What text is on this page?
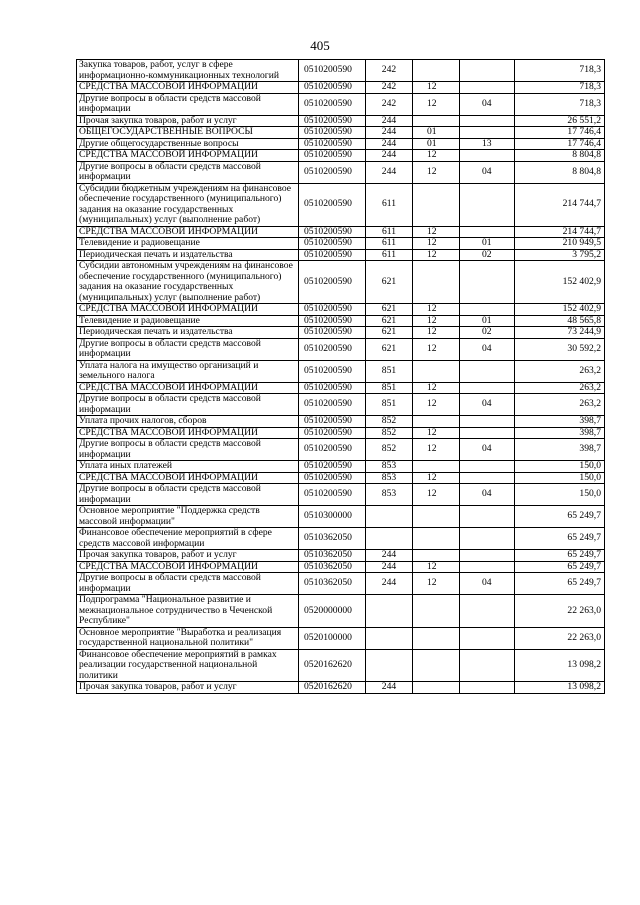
405
Закупка товаров, работ, услуг в сфере информационно-коммуникационных технологий	0510200590	242			718,3
СРЕДСТВА МАССОВОЙ ИНФОРМАЦИИ	0510200590	242	12		718,3
Другие вопросы в области средств массовой информации	0510200590	242	12	04	718,3
Прочая закупка товаров, работ и услуг	0510200590	244			26 551,2
ОБЩЕГОСУДАРСТВЕННЫЕ ВОПРОСЫ	0510200590	244	01		17 746,4
Другие общегосударственные вопросы	0510200590	244	01	13	17 746,4
СРЕДСТВА МАССОВОЙ ИНФОРМАЦИИ	0510200590	244	12		8 804,8
Другие вопросы в области средств массовой информации	0510200590	244	12	04	8 804,8
Субсидии бюджетным учреждениям на финансовое обеспечение государственного (муниципального) задания на оказание государственных (муниципальных) услуг (выполнение работ)	0510200590	611			214 744,7
СРЕДСТВА МАССОВОЙ ИНФОРМАЦИИ	0510200590	611	12		214 744,7
Телевидение и радиовещание	0510200590	611	12	01	210 949,5
Периодическая печать и издательства	0510200590	611	12	02	3 795,2
Субсидии автономным учреждениям на финансовое обеспечение государственного (муниципального) задания на оказание государственных (муниципальных) услуг (выполнение работ)	0510200590	621			152 402,9
СРЕДСТВА МАССОВОЙ ИНФОРМАЦИИ	0510200590	621	12		152 402,9
Телевидение и радиовещание	0510200590	621	12	01	48 565,8
Периодическая печать и издательства	0510200590	621	12	02	73 244,9
Другие вопросы в области средств массовой информации	0510200590	621	12	04	30 592,2
Уплата налога на имущество организаций и земельного налога	0510200590	851			263,2
СРЕДСТВА МАССОВОЙ ИНФОРМАЦИИ	0510200590	851	12		263,2
Другие вопросы в области средств массовой информации	0510200590	851	12	04	263,2
Уплата прочих налогов, сборов	0510200590	852			398,7
СРЕДСТВА МАССОВОЙ ИНФОРМАЦИИ	0510200590	852	12		398,7
Другие вопросы в области средств массовой информации	0510200590	852	12	04	398,7
Уплата иных платежей	0510200590	853			150,0
СРЕДСТВА МАССОВОЙ ИНФОРМАЦИИ	0510200590	853	12		150,0
Другие вопросы в области средств массовой информации	0510200590	853	12	04	150,0
Основное мероприятие "Поддержка средств массовой информации"	0510300000				65 249,7
Финансовое обеспечение мероприятий в сфере средств массовой информации	0510362050				65 249,7
Прочая закупка товаров, работ и услуг	0510362050	244			65 249,7
СРЕДСТВА МАССОВОЙ ИНФОРМАЦИИ	0510362050	244	12		65 249,7
Другие вопросы в области средств массовой информации	0510362050	244	12	04	65 249,7
Подпрограмма "Национальное развитие и межнациональное сотрудничество в Чеченской Республике"	0520000000				22 263,0
Основное мероприятие "Выработка и реализация государственной национальной политики"	0520100000				22 263,0
Финансовое обеспечение мероприятий в рамках реализации государственной национальной политики	0520162620				13 098,2
Прочая закупка товаров, работ и услуг	0520162620	244			13 098,2
